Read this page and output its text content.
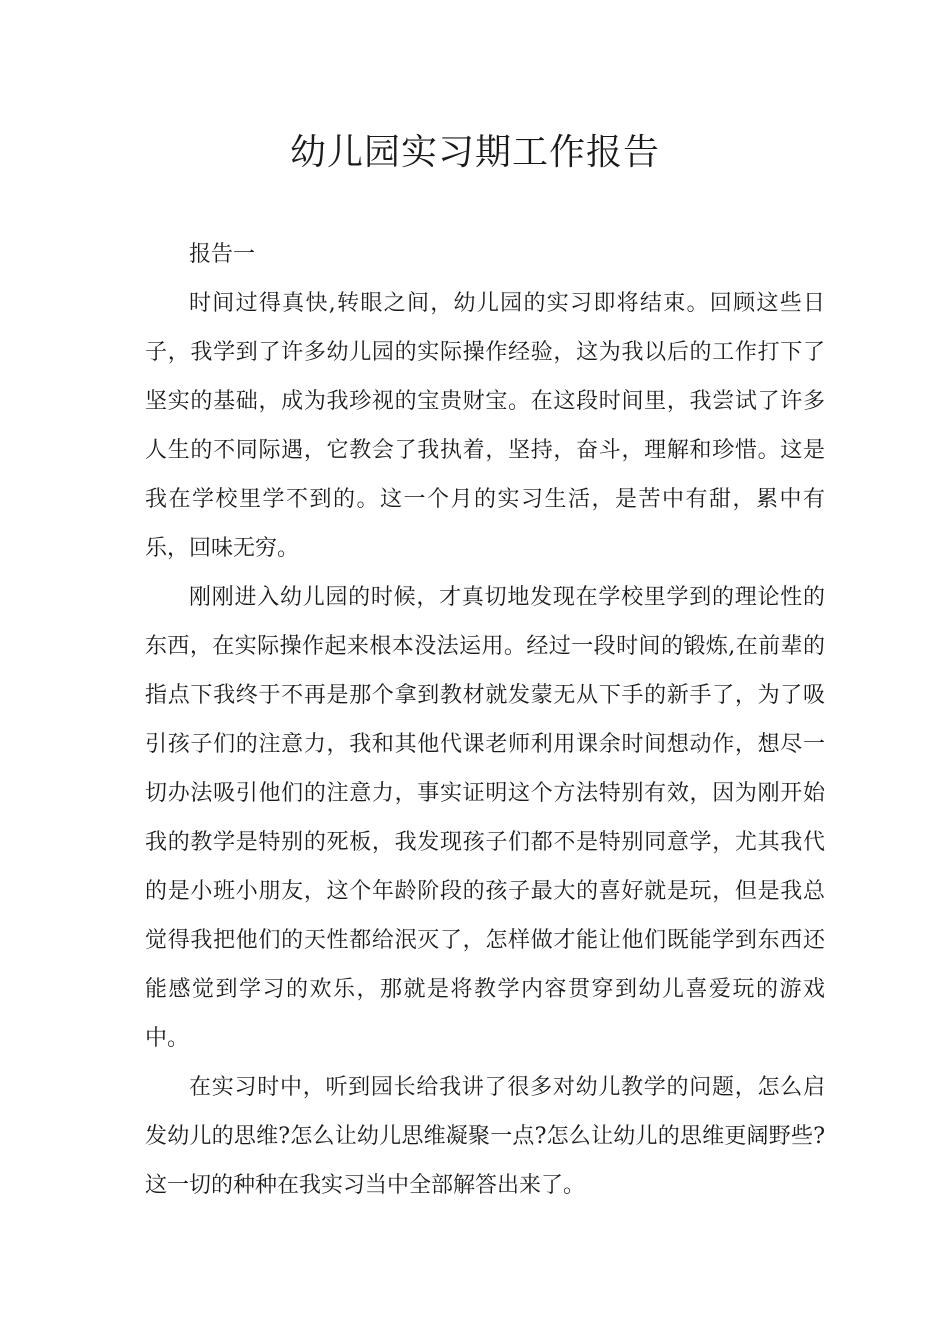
幼儿园实习期工作报告

报告一

时间过得真快,转眼之间，幼儿园的实习即将结束。回顾这些日子，我学到了许多幼儿园的实际操作经验，这为我以后的工作打下了坚实的基础，成为我珍视的宝贵财宝。在这段时间里，我尝试了许多人生的不同际遇，它教会了我执着，坚持，奋斗，理解和珍惜。这是我在学校里学不到的。这一个月的实习生活，是苦中有甜，累中有乐，回味无穷。

刚刚进入幼儿园的时候，才真切地发现在学校里学到的理论性的东西，在实际操作起来根本没法运用。经过一段时间的锻炼,在前辈的指点下我终于不再是那个拿到教材就发蒙无从下手的新手了，为了吸引孩子们的注意力，我和其他代课老师利用课余时间想动作，想尽一切办法吸引他们的注意力，事实证明这个方法特别有效，因为刚开始我的教学是特别的死板，我发现孩子们都不是特别同意学，尤其我代的是小班小朋友，这个年龄阶段的孩子最大的喜好就是玩，但是我总觉得我把他们的天性都给泯灭了，怎样做才能让他们既能学到东西还能感觉到学习的欢乐，那就是将教学内容贯穿到幼儿喜爱玩的游戏中。

在实习时中，听到园长给我讲了很多对幼儿教学的问题，怎么启发幼儿的思维?怎么让幼儿思维凝聚一点?怎么让幼儿的思维更阔野些?这一切的种种在我实习当中全部解答出来了。
